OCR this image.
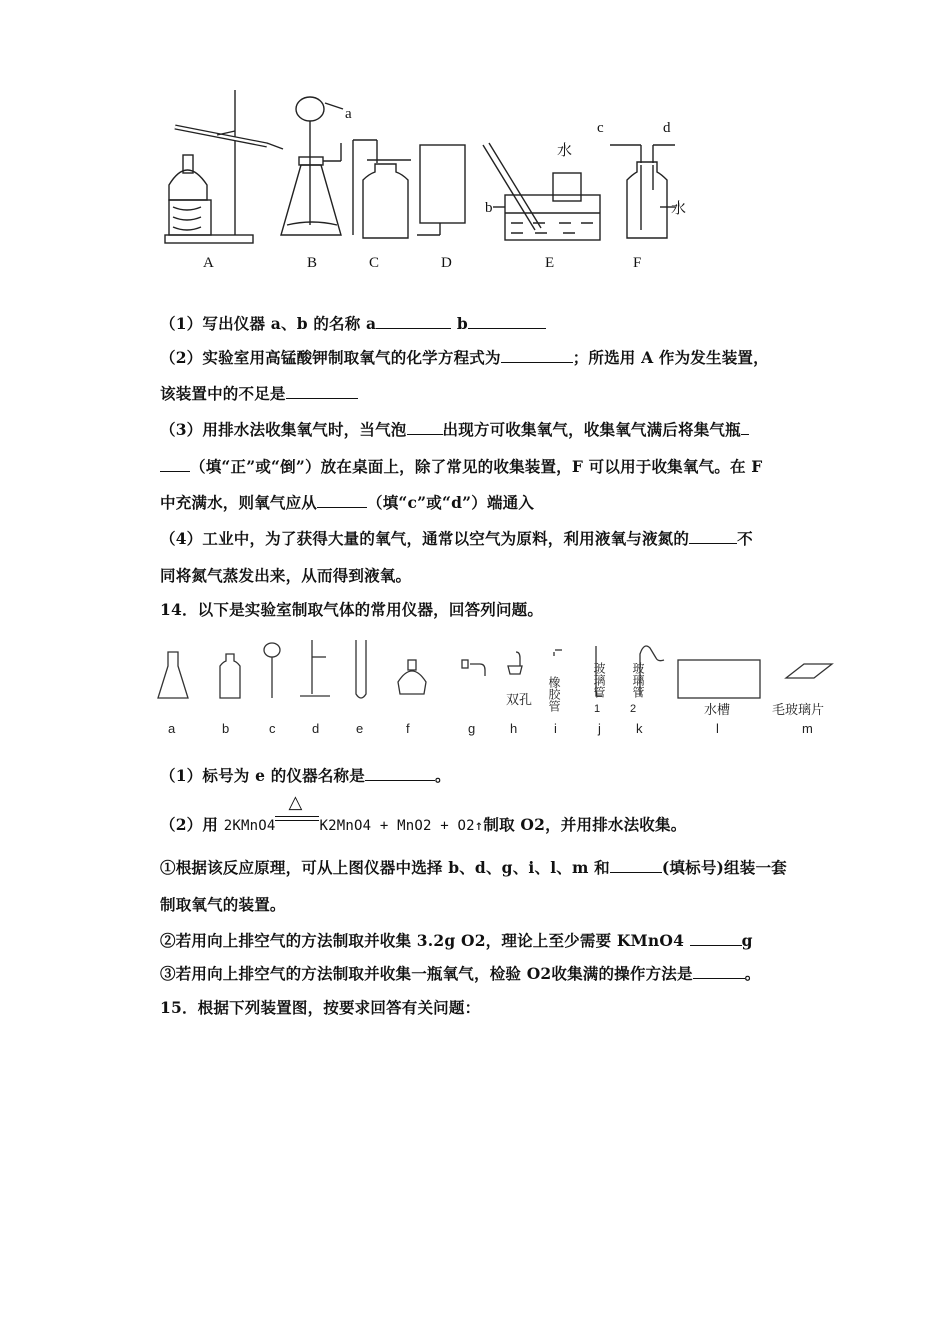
a
b
c	d
水
水
A	B	C	D	E	F
（1）写出仪器 a、b 的名称 a	b
（2）实验室用高锰酸钾制取氧气的化学方程式为	；所选用 A 作为发生装置，
该装置中的不足是
（3）用排水法收集氧气时，当气泡 出现方可收集氧气，收集氧气满后将集气瓶
（填“正”或“倒”）放在桌面上，除了常见的收集装置，F 可以用于收集氧气。在 F
中充满水，则氧气应从	（填“c”或“d”）端通入
（4）工业中，为了获得大量的氧气，通常以空气为原料，利用液氧与液氮的	不
同将氮气蒸发出来，从而得到液氧。
14．以下是实验室制取气体的常用仪器，回答列问题。
双孔 橡胶管	玻璃管
1
玻璃管
2	水槽	毛玻璃片
a	b	c	d	e	f	g	h	i	j	k	l	m
（1）标号为 e 的仪器名称是	。
（2）用 2KMnO4
△
K2MnO4 + MnO2 + O2↑制取 O2，并用排水法收集。
①根据该反应原理，可从上图仪器中选择 b、d、g、i、l、m 和	(填标号)组装一套
制取氧气的装置。
②若用向上排空气的方法制取并收集 3.2g O2，理论上至少需要 KMnO4	g
③若用向上排空气的方法制取并收集一瓶氧气，检验 O2收集满的操作方法是	。
15．根据下列装置图，按要求回答有关问题：
